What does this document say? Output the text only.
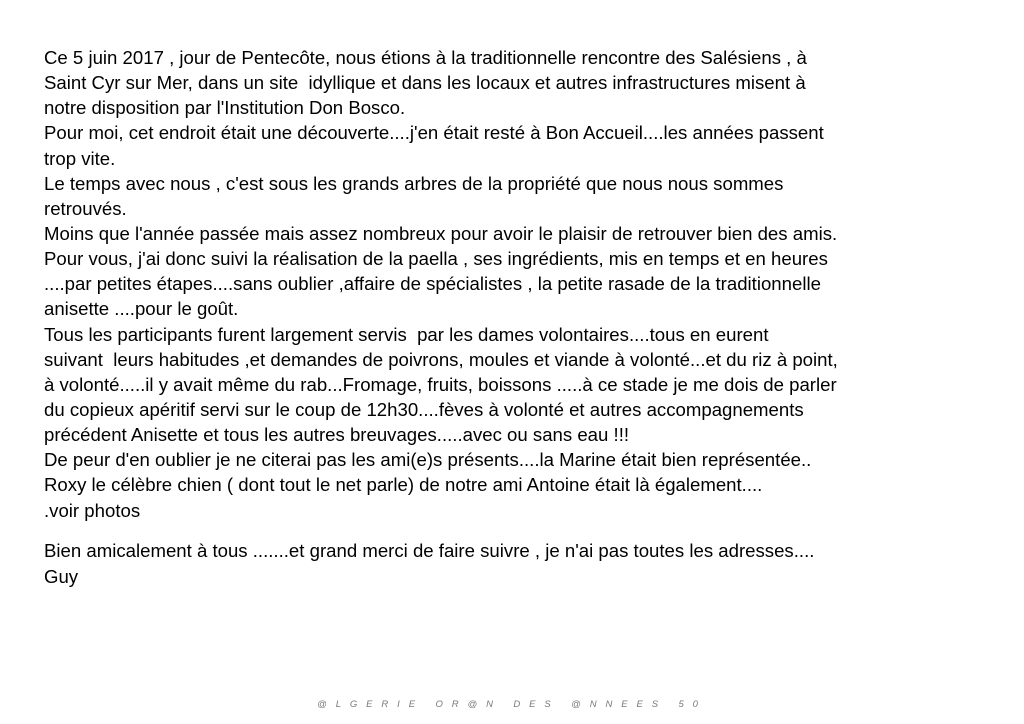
Ce 5 juin 2017 , jour de Pentecôte, nous étions à la traditionnelle rencontre des Salésiens , à
Saint Cyr sur Mer, dans un site  idyllique et dans les locaux et autres infrastructures misent à
notre disposition par l'Institution Don Bosco.
Pour moi, cet endroit était une découverte....j'en était resté à Bon Accueil....les années passent
trop vite.
Le temps avec nous , c'est sous les grands arbres de la propriété que nous nous sommes
retrouvés.
Moins que l'année passée mais assez nombreux pour avoir le plaisir de retrouver bien des amis.
Pour vous, j'ai donc suivi la réalisation de la paella , ses ingrédients, mis en temps et en heures
....par petites étapes....sans oublier ,affaire de spécialistes , la petite rasade de la traditionnelle
anisette ....pour le goût.
Tous les participants furent largement servis  par les dames volontaires....tous en eurent
suivant  leurs habitudes ,et demandes de poivrons, moules et viande à volonté...et du riz à point,
à volonté.....il y avait même du rab...Fromage, fruits, boissons .....à ce stade je me dois de parler
du copieux apéritif servi sur le coup de 12h30....fèves à volonté et autres accompagnements
précédent Anisette et tous les autres breuvages.....avec ou sans eau !!!
De peur d'en oublier je ne citerai pas les ami(e)s présents....la Marine était bien représentée..
Roxy le célèbre chien ( dont tout le net parle) de notre ami Antoine était là également....
.voir photos
Bien amicalement à tous .......et grand merci de faire suivre , je n'ai pas toutes les adresses....
Guy
@LGERIE OR@N DES @NNEES 50
